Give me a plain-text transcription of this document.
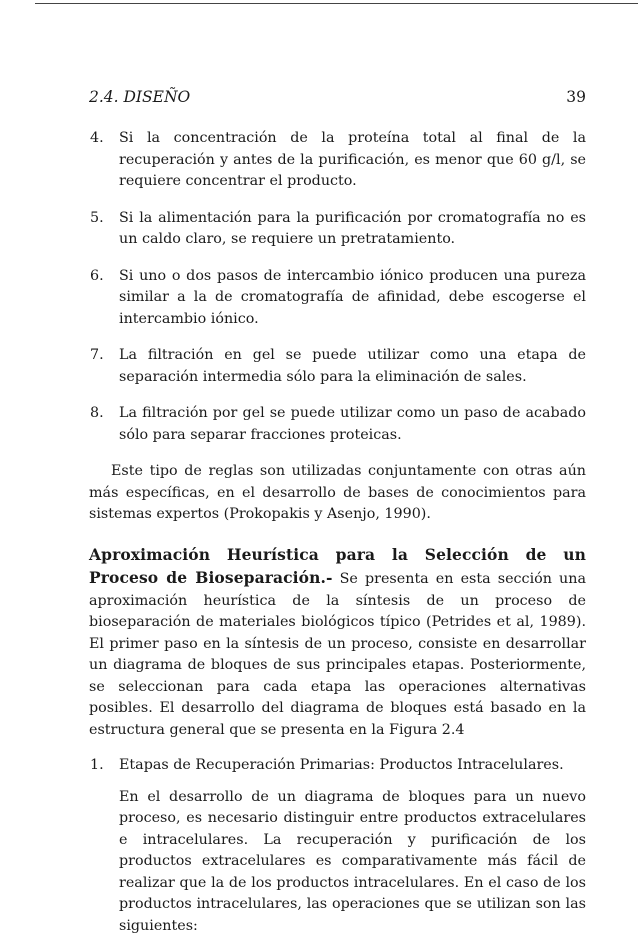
2.4. DISEÑO	39
4. Si la concentración de la proteína total al final de la recuperación y antes de la purificación, es menor que 60 g/l, se requiere concentrar el producto.
5. Si la alimentación para la purificación por cromatografía no es un caldo claro, se requiere un pretratamiento.
6. Si uno o dos pasos de intercambio iónico producen una pureza similar a la de cromatografía de afinidad, debe escogerse el intercambio iónico.
7. La filtración en gel se puede utilizar como una etapa de separación intermedia sólo para la eliminación de sales.
8. La filtración por gel se puede utilizar como un paso de acabado sólo para separar fracciones proteicas.

Este tipo de reglas son utilizadas conjuntamente con otras aún más específicas, en el desarrollo de bases de conocimientos para sistemas expertos (Prokopakis y Asenjo, 1990).

Aproximación Heurística para la Selección de un Proceso de Bioseparación.- Se presenta en esta sección una aproximación heurística de la síntesis de un proceso de bioseparación de materiales biológicos típico (Petrides et al, 1989). El primer paso en la síntesis de un proceso, consiste en desarrollar un diagrama de bloques de sus principales etapas. Posteriormente, se seleccionan para cada etapa las operaciones alternativas posibles. El desarrollo del diagrama de bloques está basado en la estructura general que se presenta en la Figura 2.4

1. Etapas de Recuperación Primarias: Productos Intracelulares.

En el desarrollo de un diagrama de bloques para un nuevo proceso, es necesario distinguir entre productos extracelulares e intracelulares. La recuperación y purificación de los productos extracelulares es comparativamente más fácil de realizar que la de los productos intracelulares. En el caso de los productos intracelulares, las operaciones que se utilizan son las siguientes:
